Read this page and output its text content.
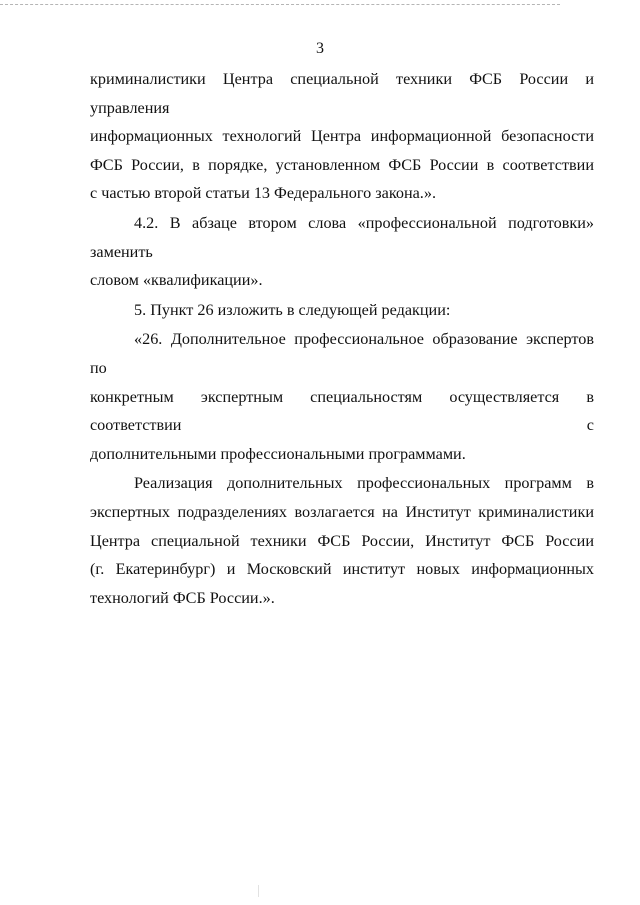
3
криминалистики Центра специальной техники ФСБ России и управления
информационных технологий Центра информационной безопасности
ФСБ России, в порядке, установленном ФСБ России в соответствии
с частью второй статьи 13 Федерального закона.».
4.2. В абзаце втором слова «профессиональной подготовки» заменить
словом «квалификации».
5. Пункт 26 изложить в следующей редакции:
«26. Дополнительное профессиональное образование экспертов по
конкретным экспертным специальностям осуществляется в соответствии с
дополнительными профессиональными программами.
Реализация дополнительных профессиональных программ в
экспертных подразделениях возлагается на Институт криминалистики
Центра специальной техники ФСБ России, Институт ФСБ России
(г. Екатеринбург) и Московский институт новых информационных
технологий ФСБ России.».
